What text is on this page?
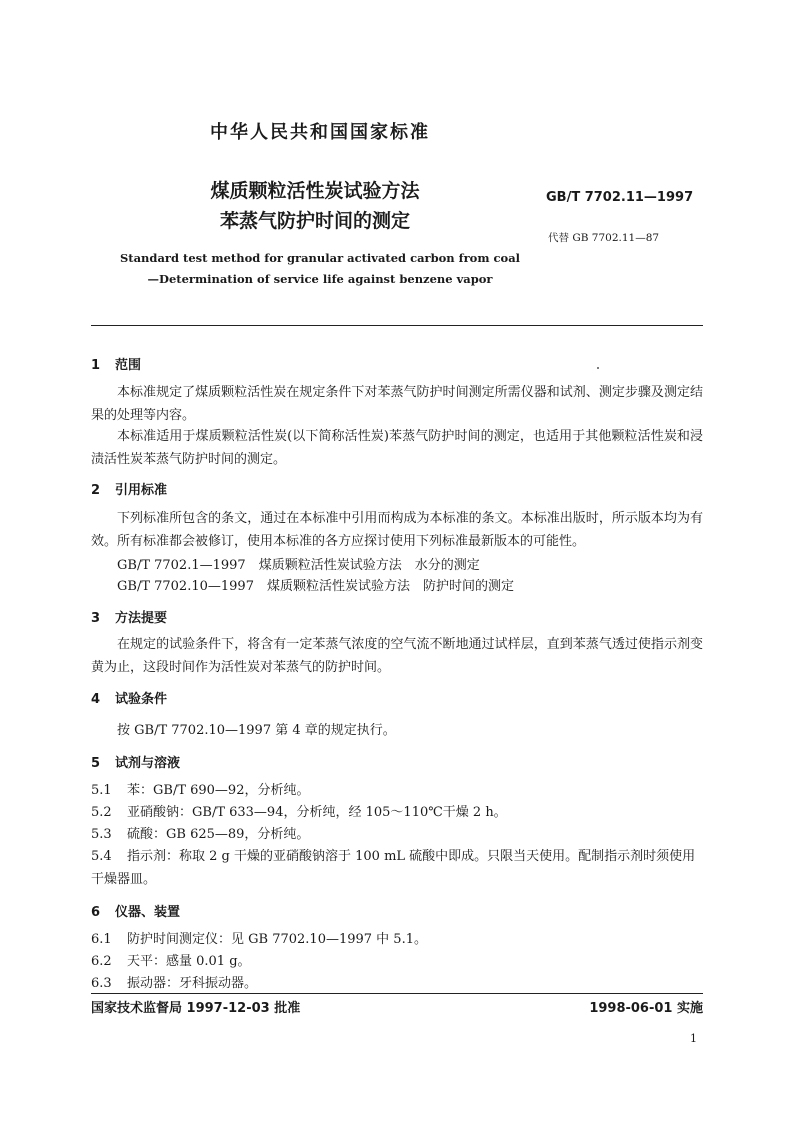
中华人民共和国国家标准
煤质颗粒活性炭试验方法
苯蒸气防护时间的测定
GB/T 7702.11—1997
代替 GB 7702.11—87
Standard test method for granular activated carbon from coal
—Determination of service life against benzene vapor
1 范围
本标准规定了煤质颗粒活性炭在规定条件下对苯蒸气防护时间测定所需仪器和试剂、测定步骤及测定结果的处理等内容。
本标准适用于煤质颗粒活性炭(以下简称活性炭)苯蒸气防护时间的测定，也适用于其他颗粒活性炭和浸渍活性炭苯蒸气防护时间的测定。
2 引用标准
下列标准所包含的条文，通过在本标准中引用而构成为本标准的条文。本标准出版时，所示版本均为有效。所有标准都会被修订，使用本标准的各方应探讨使用下列标准最新版本的可能性。
GB/T 7702.1—1997　煤质颗粒活性炭试验方法　水分的测定
GB/T 7702.10—1997　煤质颗粒活性炭试验方法　防护时间的测定
3 方法提要
在规定的试验条件下，将含有一定苯蒸气浓度的空气流不断地通过试样层，直到苯蒸气透过使指示剂变黄为止，这段时间作为活性炭对苯蒸气的防护时间。
4 试验条件
按 GB/T 7702.10—1997 第 4 章的规定执行。
5 试剂与溶液
5.1 苯：GB/T 690—92，分析纯。
5.2 亚硝酸钠：GB/T 633—94，分析纯，经 105～110℃干燥 2 h。
5.3 硫酸：GB 625—89，分析纯。
5.4 指示剂：称取 2 g 干燥的亚硝酸钠溶于 100 mL 硫酸中即成。只限当天使用。配制指示剂时须使用干燥器皿。
6 仪器、装置
6.1 防护时间测定仪：见 GB 7702.10—1997 中 5.1。
6.2 天平：感量 0.01 g。
6.3 振动器：牙科振动器。
国家技术监督局 1997-12-03 批准	1998-06-01 实施
1
